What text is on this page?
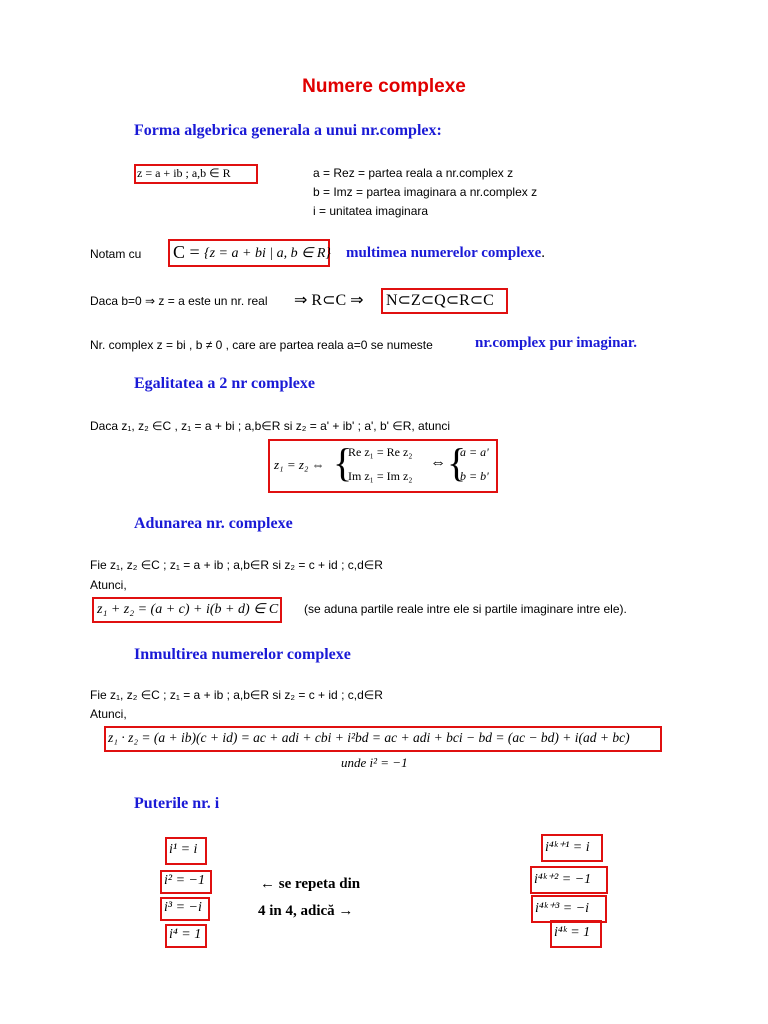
Numere complexe
Forma algebrica generala a unui nr.complex:
z = a + ib ; a,b ∈ R	a = Rez = partea reala a nr.complex z
b = Imz = partea imaginara a nr.complex z
i = unitatea imaginara
Notam cu C = {z = a + bi | a, b ∈ R} multimea numerelor complexe.
Daca b=0 ⇒ z = a este un nr. real ⇒ R⊂C ⇒ N⊂Z⊂Q⊂R⊂C
Nr. complex z = bi , b ≠ 0 , care are partea reala a=0 se numeste	nr.complex pur imaginar.
Egalitatea a 2 nr complexe
Daca z₁, z₂ ∈C , z₁ = a + bi ; a,b∈R si z₂ = a' + ib' ; a', b' ∈R, atunci
z₁ = z₂ ⇔ {
Re z₁ = Re z₂
Im z₁ = Im z₂
⇔ {
a = a'
b = b'
Adunarea nr. complexe
Fie z₁, z₂ ∈C ; z₁ = a + ib ; a,b∈R si z₂ = c + id ; c,d∈R
Atunci,
z₁ + z₂ = (a + c) + i(b + d) ∈ C (se aduna partile reale intre ele si partile imaginare intre ele).
Inmultirea numerelor complexe
Fie z₁, z₂ ∈C ; z₁ = a + ib ; a,b∈R si z₂ = c + id ; c,d∈R
Atunci,
z₁ · z₂ = (a + ib)(c + id) = ac + adi + cbi + i²bd = ac + adi + bci − bd = (ac − bd) + i(ad + bc)
unde i² = −1
Puterile nr. i
i¹ = i
i² = −1
i³ = −i
i⁴ = 1
← se repeta din
4 in 4, adică →
i⁴ᵏ⁺¹ = i
i⁴ᵏ⁺² = −1
i⁴ᵏ⁺³ = −i
i⁴ᵏ = 1
